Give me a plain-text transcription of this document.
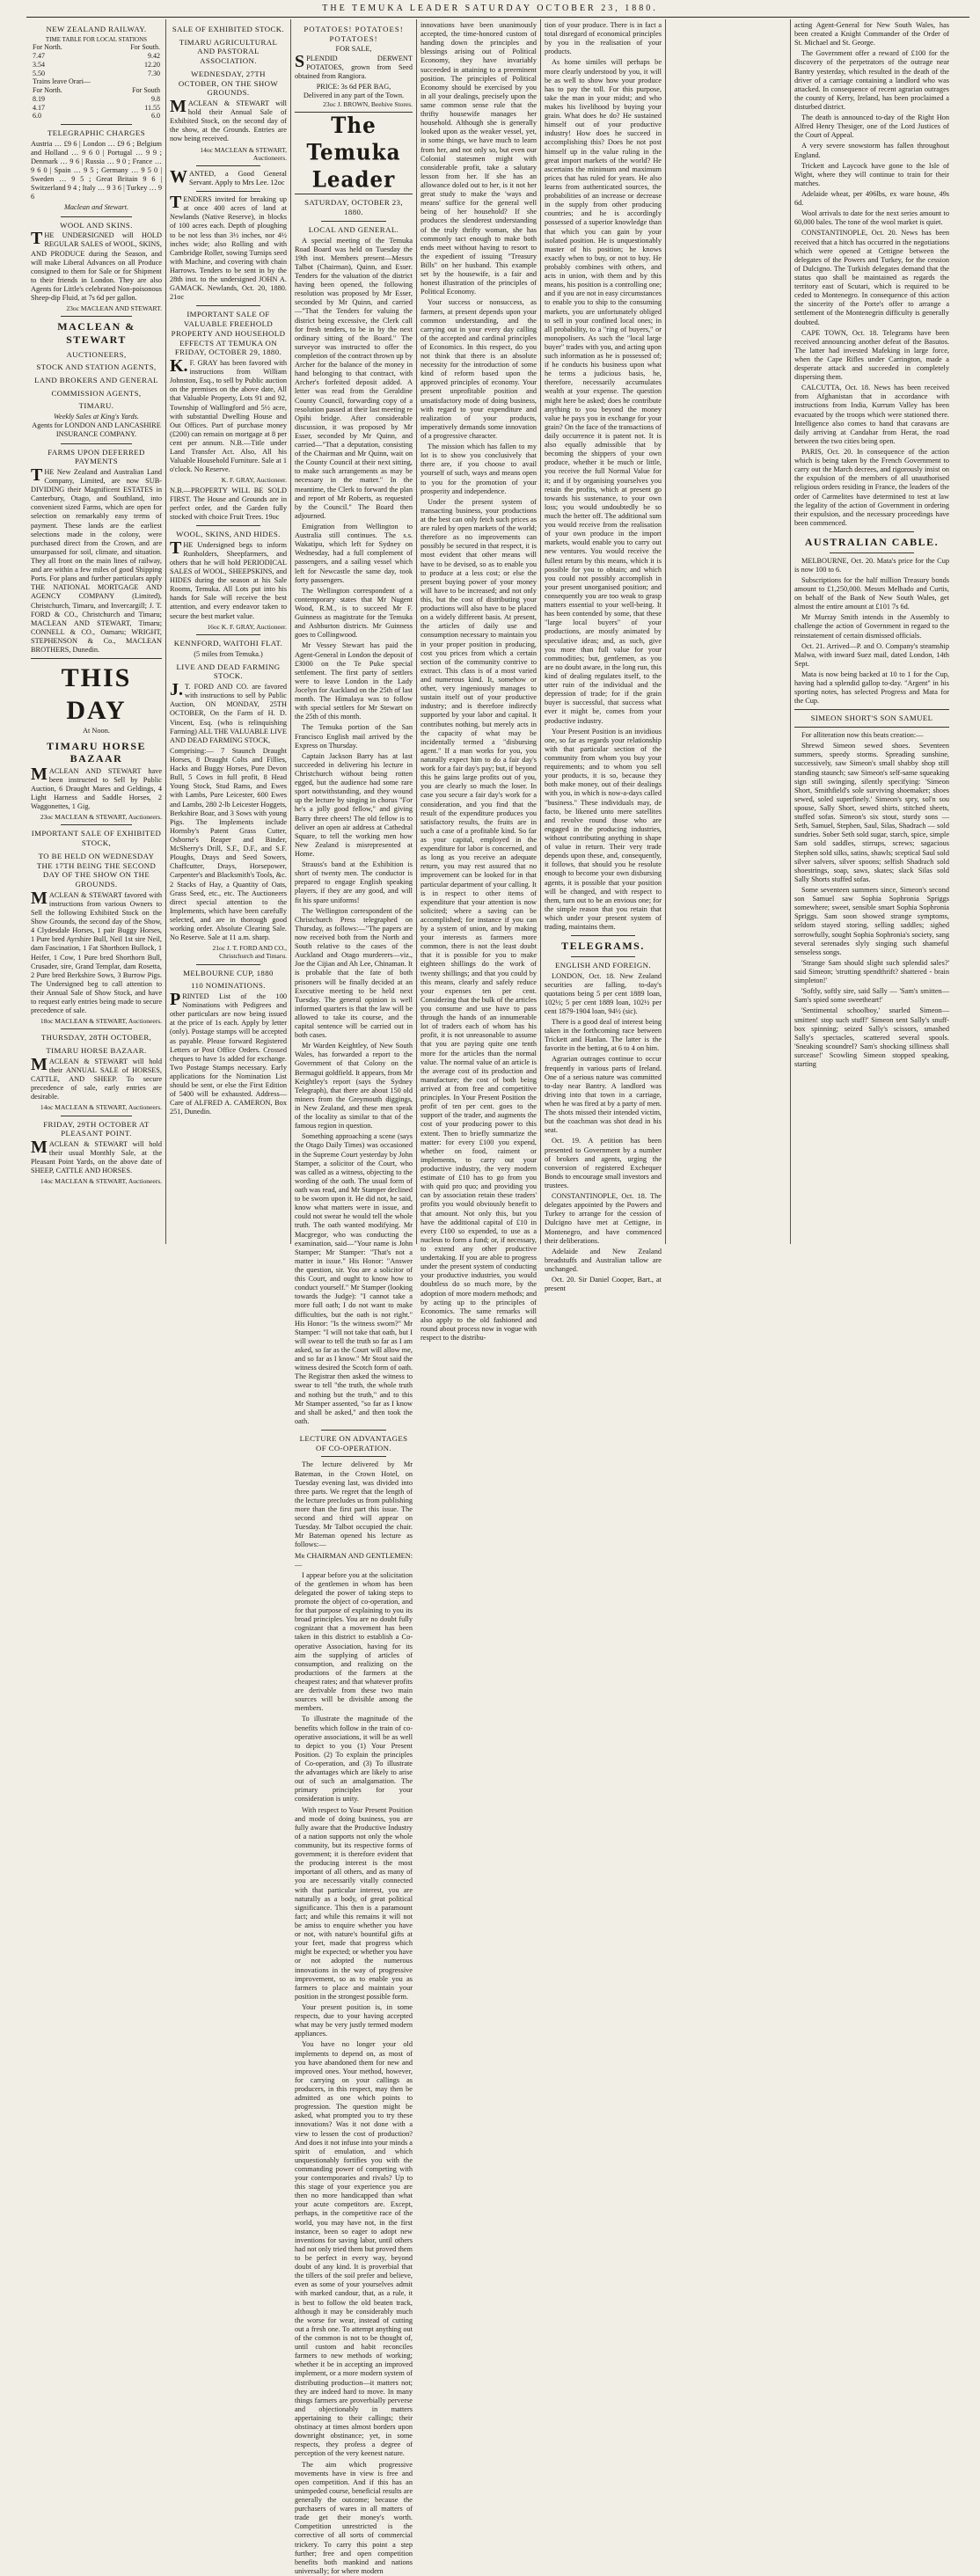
THE TEMUKA LEADER SATURDAY OCTOBER 23, 1880.
NEW ZEALAND RAILWAY.
TIME TABLE FOR LOCAL STATIONS
For North.	For South.
7.47	9.42
3.54	12.20
5.50	7.30
Trains leave Orari—	
For North.	For South
8.19	9.8
4.17	11.55
6.0	6.0
TELEGRAPHIC CHARGES

Austria … £9 6 | London … £9 6 ; Belgium and Holland … 9 6 0 | Portugal … 9 9 ; Denmark … 9 6 | Russia … 9 0 ; France … 9 6 0 | Spain … 9 5 ; Germany … 9 5 0 | Sweden … 9 5 ; Great Britain 9 6 | Switzerland 9 4 ; Italy … 9 3 6 | Turkey … 9 6

Maclean and Stewart.
WOOL AND SKINS.

THE UNDERSIGNED will HOLD REGULAR SALES of WOOL, SKINS, AND PRODUCE during the Season, and will make Liberal Advances on all Produce consigned to them for Sale or for Shipment to their friends in London. They are also Agents for Little's celebrated Non-poisonous Sheep-dip Fluid, at 7s 6d per gallon.

23oc MACLEAN AND STEWART.

MACLEAN & STEWART
AUCTIONEERS,
STOCK AND STATION AGENTS,
LAND BROKERS AND GENERAL
COMMISSION AGENTS,
TIMARU.
Weekly Sales at King's Yards.
Agents for LONDON AND LANCASHIRE INSURANCE COMPANY.
FARMS UPON DEFERRED PAYMENTS

THE New Zealand and Australian Land Company, Limited, are now SUB-DIVIDING their Magnificent ESTATES in Canterbury, Otago, and Southland, into convenient sized Farms, which are open for selection on remarkably easy terms of payment. These lands are the earliest selections made in the colony, were purchased direct from the Crown, and are unsurpassed for soil, climate, and situation. They all front on the main lines of railway, and are within a few miles of good Shipping Ports. For plans and further particulars apply THE NATIONAL MORTGAGE AND AGENCY COMPANY (Limited), Christchurch, Timaru, and Invercargill; J. T. FORD & CO., Christchurch and Timaru; MACLEAN AND STEWART, Timaru; CONNELL & CO., Oamaru; WRIGHT, STEPHENSON & Co., MACLEAN BROTHERS, Dunedin.

THIS DAY
At Noon.
TIMARU HORSE BAZAAR

MACLEAN AND STEWART have been instructed to Sell by Public Auction, 6 Draught Mares and Geldings, 4 Light Harness and Saddle Horses, 2 Waggonettes, 1 Gig.

23oc MACLEAN & STEWART, Auctioneers.

IMPORTANT SALE OF EXHIBITED STOCK,
TO BE HELD ON WEDNESDAY THE 17TH BEING THE SECOND DAY OF THE SHOW ON THE GROUNDS.

MACLEAN & STEWART favored with instructions from various Owners to Sell the following Exhibited Stock on the Show Grounds, the second day of the Show, 4 Clydesdale Horses, 1 pair Buggy Horses, 1 Pure bred Ayrshire Bull, Neil 1st sire Neil, dam Fascination, 1 Fat Shorthorn Bullock, 1 Heifer, 1 Cow, 1 Pure bred Shorthorn Bull, Crusader, sire, Grand Templar, dam Rosetta, 2 Pure bred Berkshire Sows, 3 Burrow Pigs. The Undersigned beg to call attention to their Annual Sale of Show Stock, and have to request early entries being made to secure precedence of sale.

18oc MACLEAN & STEWART, Auctioneers.

THURSDAY, 28TH OCTOBER,
TIMARU HORSE BAZAAR.

MACLEAN & STEWART will hold their ANNUAL SALE of HORSES, CATTLE, AND SHEEP. To secure precedence of sale, early entries are desirable.

14oc MACLEAN & STEWART, Auctioneers.

FRIDAY, 29TH OCTOBER AT PLEASANT POINT.

MACLEAN & STEWART will hold their usual Monthly Sale, at the Pleasant Point Yards, on the above date of SHEEP, CATTLE AND HORSES.

14oc MACLEAN & STEWART, Auctioneers.

SALE OF EXHIBITED STOCK.
TIMARU AGRICULTURAL AND PASTORAL ASSOCIATION.
WEDNESDAY, 27TH OCTOBER, ON THE SHOW GROUNDS.

MACLEAN & STEWART will hold their Annual Sale of Exhibited Stock, on the second day of the show, at the Grounds. Entries are now being received.

14oc MACLEAN & STEWART, Auctioneers.

WANTED, a Good General Servant. Apply to Mrs Lee. 12oc

TENDERS invited for breaking up at once 400 acres of land at Newlands (Native Reserve), in blocks of 100 acres each. Depth of ploughing to be not less than 3½ inches, nor 4½ inches wide; also Rolling and with Cambridge Roller, sowing Turnips seed with Machine, and covering with chain Harrows. Tenders to be sent in by the 28th inst. to the undersigned JOHN A. GAMACK. Newlands, Oct. 20, 1880. 21oc

IMPORTANT SALE OF VALUABLE FREEHOLD PROPERTY AND HOUSEHOLD EFFECTS AT TEMUKA ON FRIDAY, OCTOBER 29, 1880.

K.F. GRAY has been favored with instructions from William Johnston, Esq., to sell by Public auction on the premises on the above date, All that Valuable Property, Lots 91 and 92, Township of Wallingford and 5½ acre, with substantial Dwelling House and Out Offices. Part of purchase money (£200) can remain on mortgage at 8 per cent per annum. N.B.—Title under Land Transfer Act. Also, All his Valuable Household Furniture. Sale at 1 o'clock. No Reserve.

K. F. GRAY, Auctioneer.

N.B.—PROPERTY WILL BE SOLD FIRST. The House and Grounds are in perfect order, and the Garden fully stocked with choice Fruit Trees. 19oc

WOOL, SKINS, AND HIDES.

THE Undersigned begs to inform Runholders, Sheepfarmers, and others that he will hold PERIODICAL SALES of WOOL, SHEEPSKINS, and HIDES during the season at his Sale Rooms, Temuka. All Lots put into his hands for Sale will receive the best attention, and every endeavor taken to secure the best market value.

16oc K. F. GRAY, Auctioneer.

KENNFORD, WAITOHI FLAT.
(5 miles from Temuka.)
LIVE AND DEAD FARMING STOCK.

J.T. FORD AND CO. are favored with instructions to sell by Public Auction, ON MONDAY, 25TH OCTOBER, On the Farm of H. D. Vincent, Esq. (who is relinquishing Farming) ALL THE VALUABLE LIVE AND DEAD FARMING STOCK,

Comprising:— 7 Staunch Draught Horses, 8 Draught Colts and Fillies, Hacks and Buggy Horses, Pure Devon Bull, 5 Cows in full profit, 8 Head Young Stock, Stud Rams, and Ewes with Lambs, Pure Leicester, 600 Ewes and Lambs, 280 2-lb Leicester Hoggets, Berkshire Boar, and 3 Sows with young Pigs. The Implements include Hornsby's Patent Grass Cutter, Osborne's Reaper and Binder, McSherry's Drill, S.F., D.F., and S.F. Ploughs, Drays and Seed Sowers, Chaffcutter, Drays, Horsepower, Carpenter's and Blacksmith's Tools, &c. 2 Stacks of Hay, a Quantity of Oats, Grass Seed, etc., etc. The Auctioneers direct special attention to the Implements, which have been carefully selected, and are in thorough good working order. Absolute Clearing Sale. No Reserve. Sale at 11 a.m. sharp.

21oc J. T. FORD AND CO., Christchurch and Timaru.

MELBOURNE CUP, 1880
110 NOMINATIONS.

PRINTED List of the 100 Nominations with Pedigrees and other particulars are now being issued at the price of 1s each. Apply by letter (only). Postage stamps will be accepted as payable. Please forward Registered Letters or Post Office Orders. Crossed cheques to have 1s added for exchange. Two Postage Stamps necessary. Early applications for the Nomination List should be sent, or else the First Edition of 5400 will be exhausted. Address— Care of ALFRED A. CAMERON, Box 251, Dunedin.

POTATOES! POTATOES! POTATOES!
FOR SALE,

SPLENDID DERWENT POTATOES, grown from Seed obtained from Rangiora.

PRICE: 3s 6d PER BAG,
Delivered in any part of the Town.

23oc J. BROWN, Beehive Stores.

The Temuka Leader
SATURDAY, OCTOBER 23, 1880.
LOCAL AND GENERAL.

A special meeting of the Temuka Road Board was held on Tuesday the 19th inst. Members present—Messrs Talbot (Chairman), Quinn, and Esser. Tenders for the valuation of the district having been opened, the following resolution was proposed by Mr Esser, seconded by Mr Quinn, and carried—"That the Tenders for valuing the district being excessive, the Clerk call for fresh tenders, to be in by the next ordinary sitting of the Board." The surveyor was instructed to offer the completion of the contract thrown up by Archer for the balance of the money in hand belonging to that contract, with Archer's forfeited deposit added. A letter was read from the Geraldine County Council, forwarding copy of a resolution passed at their last meeting re Opihi bridge. After considerable discussion, it was proposed by Mr Esser, seconded by Mr Quinn, and carried—"That a deputation, consisting of the Chairman and Mr Quinn, wait on the County Council at their next sitting, to make such arrangements as may be necessary in the matter." In the meantime, the Clerk to forward the plan and report of Mr Roberts, as requested by the Council." The Board then adjourned.

Emigration from Wellington to Australia still continues. The s.s. Wakatipu, which left for Sydney on Wednesday, had a full complement of passengers, and a sailing vessel which left for Newcastle the same day, took forty passengers.

The Wellington correspondent of a contemporary states that Mr Nugent Wood, R.M., is to succeed Mr F. Guinness as magistrate for the Temuka and Ashburton districts. Mr Guinness goes to Collingwood.

Mr Vessey Stewart has paid the Agent-General in London the deposit of £3000 on the Te Puke special settlement. The first party of settlers were to leave London in the Lady Jocelyn for Auckland on the 25th of last month. The Himalaya was to follow with special settlers for Mr Stewart on the 25th of this month.

The Temuka portion of the San Francisco English mail arrived by the Express on Thursday.

Captain Jackson Barry has at last succeeded in delivering his lecture in Christchurch without being rotten egged, but the audience had some rare sport notwithstanding, and they wound up the lecture by singing in chorus "For he's a jolly good fellow," and giving Barry three cheers! The old fellow is to deliver an open air address at Cathedral Square, to tell the working men how New Zealand is misrepresented at Home.

Strauss's band at the Exhibition is short of twenty men. The conductor is prepared to engage English speaking players, if they are any good, and will fit his spare uniforms!

The Wellington correspondent of the Christchurch Press telegraphed on Thursday, as follows:—"The papers are now received both from the North and South relative to the cases of the Auckland and Otago murderers—viz., Joe the Cijian and Ah Lee, Chinaman. It is probable that the fate of both prisoners will be finally decided at an Executive meeting to be held next Tuesday. The general opinion is well informed quarters is that the law will be allowed to take its course, and the capital sentence will be carried out in both cases.

Mr Warden Keightley, of New South Wales, has forwarded a report to the Government of that Colony on the Bermagui goldfield. It appears, from Mr Keightley's report (says the Sydney Telegraph), that there are about 150 old miners from the Greymouth diggings, in New Zealand, and these men speak of the locality as similar to that of the famous region in question.

Something approaching a scene (says the Otago Daily Times) was occasioned in the Supreme Court yesterday by John Stamper, a solicitor of the Court, who was called as a witness, objecting to the wording of the oath. The usual form of oath was read, and Mr Stamper declined to be sworn upon it. He did not, he said, know what matters were in issue, and could not swear he would tell the whole truth. The oath wanted modifying. Mr Macgregor, who was conducting the examination, said—"Your name is John Stamper; Mr Stamper: "That's not a matter in issue." His Honor: "Answer the question, sir. You are a solicitor of this Court, and ought to know how to conduct yourself." Mr Stamper (looking towards the Judge): "I cannot take a more full oath; I do not want to make difficulties, but the oath is not right." His Honor: "Is the witness sworn?" Mr Stamper: "I will not take that oath, but I will swear to tell the truth so far as I am asked, so far as the Court will allow me, and so far as I know." Mr Stout said the witness desired the Scotch form of oath. The Registrar then asked the witness to swear to tell "the truth, the whole truth and nothing but the truth," and to this Mr Stamper assented, "so far as I know and shall be asked," and then took the oath.

LECTURE ON ADVANTAGES OF CO-OPERATION.

The lecture delivered by Mr Bateman, in the Crown Hotel, on Tuesday evening last, was divided into three parts. We regret that the length of the lecture precludes us from publishing more than the first part this issue. The second and third will appear on Tuesday. Mr Talbot occupied the chair. Mr Bateman opened his lecture as follows:—

Mr CHAIRMAN AND GENTLEMEN:—

I appear before you at the solicitation of the gentlemen in whom has been delegated the power of taking steps to promote the object of co-operation, and for that purpose of explaining to you its broad principles. You are no doubt fully cognizant that a movement has been taken in this district to establish a Co-operative Association, having for its aim the supplying of articles of consumption, and realizing on the productions of the farmers at the cheapest rates; and that whatever profits are derivable from these two main sources will be divisible among the members.

To illustrate the magnitude of the benefits which follow in the train of co-operative associations, it will be as well to depict to you (1) Your Present Position. (2) To explain the principles of Co-operation, and (3) To illustrate the advantages which are likely to arise out of such an amalgamation. The primary principles for your consideration is unity.

With respect to Your Present Position and mode of doing business, you are fully aware that the Productive Industry of a nation supports not only the whole community, but its respective forms of government; it is therefore evident that the producing interest is the most important of all others, and as many of you are necessarily vitally connected with that particular interest, you are naturally as a body, of great political significance. This then is a paramount fact; and while this remains it will not be amiss to enquire whether you have or not, with nature's bountiful gifts at your feet, made that progress which might be expected; or whether you have or not adopted the numerous innovations in the way of progressive improvement, so as to enable you as farmers to place and maintain your position in the strongest possible form.

Your present position is, in some respects, due to your having accepted what may be very justly termed modern appliances.

You have no longer your old implements to depend on, as most of you have abandoned them for new and improved ones. Your method, however, for carrying on your callings as producers, in this respect, may then be admitted as one which points to progression. The question might be asked, what prompted you to try these innovations? Was it not done with a view to lessen the cost of production? And does it not infuse into your minds a spirit of emulation, and which unquestionably fortifies you with the commanding power of competing with your contemporaries and rivals? Up to this stage of your experience you are then no more handicapped than what your acute competitors are. Except, perhaps, in the competitive race of the world, you may have not, in the first instance, been so eager to adopt new inventions for saving labor, until others had not only tried them but proved them to be perfect in every way, beyond doubt of any kind. It is proverbial that the tillers of the soil prefer and believe, even as some of your yourselves admit with marked candour, that, as a rule, it is best to follow the old beaten track, although it may be considerably much the worse for wear, instead of cutting out a fresh one. To attempt anything out of the common is not to be thought of, until custom and habit reconciles farmers to new methods of working; whether it be in accepting an improved implement, or a more modern system of distributing production—it matters not; they are indeed hard to move. In many things farmers are proverbially perverse and objectionably in matters appertaining to their callings; their obstinacy at times almost borders upon downright obstinance; yet, in some respects, they profess a degree of perception of the very keenest nature.

The aim which progressive movements have in view is free and open competition. And if this has an unimpeded course, beneficial results are generally the outcome; because the purchasers of wares in all matters of trade get their money's worth. Competition unrestricted is the corrective of all sorts of commercial trickery. To carry this point a step further; free and open competition benefits both mankind and nations universally; for where modern

innovations have been unanimously accepted, the time-honored custom of handing down the principles and blessings arising out of Political Economy, they have invariably succeeded in attaining to a preeminent position. The principles of Political Economy should be exercised by you in all your dealings, precisely upon the same common sense rule that the thrifty housewife manages her household. Although she is generally looked upon as the weaker vessel, yet, in some things, we have much to learn from her, and not only so, but even our Colonial statesmen might with considerable profit, take a salutary lesson from her. If she has an allowance doled out to her, is it not her great study to make the 'ways and means' suffice for the general well being of her household? If she produces the slenderest understanding of the truly thrifty woman, she has commonly tact enough to make both ends meet without having to resort to the expedient of issuing "Treasury Bills" on her husband. This example set by the housewife, is a fair and honest illustration of the principles of Political Economy.

Your success or nonsuccess, as farmers, at present depends upon your common understanding, and the carrying out in your every day calling of the accepted and cardinal principles of Economics. In this respect, do you not think that there is an absolute necessity for the introduction of some kind of reform based upon the approved principles of economy. Your present unprofitable position and unsatisfactory mode of doing business, with regard to your expenditure and realization of your products, imperatively demands some innovation of a progressive character.

The mission which has fallen to my lot is to show you conclusively that there are, if you choose to avail yourself of such, ways and means open to you for the promotion of your prosperity and independence.

Under the present system of transacting business, your productions at the best can only fetch such prices as are ruled by open markets of the world; therefore as no improvements can possibly be secured in that respect, it is most evident that other means will have to be devised, so as to enable you to produce at a less cost; or else the present buying power of your money will have to be increased; and not only this, but the cost of distributing your productions will also have to be placed on a widely different basis. At present, the articles of daily use and consumption necessary to maintain you in your proper position in producing, cost you prices from which a certain section of the community contrive to extract. This class is of a most varied and numerous kind. It, somehow or other, very ingeniously manages to sustain itself out of your productive industry; and is therefore indirectly supported by your labor and capital. It contributes nothing, but merely acts in the capacity of what may be incidentally termed a "disbursing agent." If a man works for you, you naturally expect him to do a fair day's work for a fair day's pay; but, if beyond this he gains large profits out of you, you are clearly so much the loser. In case you secure a fair day's work for a consideration, and you find that the result of the expenditure produces you satisfactory results, the fruits are in such a case of a profitable kind. So far as your capital, employed in the expenditure for labor is concerned, and as long as you receive an adequate return, you may rest assured that no improvement can be looked for in that particular department of your calling. It is in respect to other items of expenditure that your attention is now solicited; where a saving can be accomplished; for instance if you can by a system of union, and by making your interests as farmers more common, there is not the least doubt that it is possible for you to make eighteen shillings do the work of twenty shillings; and that you could by this means, clearly and safely reduce your expenses ten per cent. Considering that the bulk of the articles you consume and use have to pass through the hands of an innumerable lot of traders each of whom has his profit, it is not unreasonable to assume that you are paying quite one tenth more for the articles than the normal value. The normal value of an article is the average cost of its production and manufacture; the cost of both being arrived at from free and competitive principles. In Your Present Position the profit of ten per cent. goes to the support of the trader, and augments the cost of your producing power to this extent. Then to briefly summarize the matter: for every £100 you expend, whether on food, raiment or implements, to carry out your productive industry, the very modern estimate of £10 has to go from you with quid pro quo; and providing you can by association retain these traders' profits you would obviously benefit to that amount. Not only this, but you have the additional capital of £10 in every £100 so expended, to use as a nucleus to form a fund; or, if necessary, to extend any other productive undertaking. If you are able to progress under the present system of conducting your productive industries, you would doubtless do so much more, by the adoption of more modern methods; and by acting up to the principles of Economics. The same remarks will also apply to the old fashioned and round about process now in vogue with respect to the distribu-

tion of your produce. There is in fact a total disregard of economical principles by you in the realisation of your products.

As home similes will perhaps be more clearly understood by you, it will be as well to show how your produce has to pay the toll. For this purpose, take the man in your midst; and who makes his livelihood by buying your grain. What does he do? He sustained himself out of your productive industry! How does he succeed in accomplishing this? Does he not post himself up in the value ruling in the great import markets of the world? He ascertains the minimum and maximum prices that has ruled for years. He also learns from authenticated sources, the probabilities of an increase or decrease in the supply from other producing countries; and he is accordingly possessed of a superior knowledge than that which you can gain by your isolated position. He is unquestionably master of his position; he knows exactly when to buy, or not to buy. He probably combines with others, and acts in union, with them and by this means, his position is a controlling one; and if you are not in easy circumstances to enable you to ship to the consuming markets, you are unfortunately obliged to sell in your confined local ones; in all probability, to a "ring of buyers," or monopolisers. As such the "local large buyer" trades with you, and acting upon such information as he is possessed of; if he conducts his business upon what he terms a judicious basis, he, therefore, necessarily accumulates wealth at your expense. The question might here be asked; does he contribute anything to you beyond the money value he pays you in exchange for your grain? On the face of the transactions of daily occurrence it is patent not. It is also equally admissible that by becoming the shippers of your own produce, whether it be much or little, you receive the full Normal Value for it; and if by organising yourselves you retain the profits, which at present go towards his sustenance, to your own loss; you would undoubtedly be so much the better off. The additional sum you would receive from the realisation of your own produce in the import markets, would enable you to carry out new ventures. You would receive the fullest return by this means, which it is possible for you to obtain; and which you could not possibly accomplish in your present unorganised position; and consequently you are too weak to grasp matters essential to your well-being. It has been contended by some, that these "large local buyers" of your productions, are mostly animated by speculative ideas; and, as such, give you more than full value for your commodities; but, gentlemen, as you are no doubt aware, in the long run, this kind of dealing regulates itself, to the utter ruin of the individual and the depression of trade; for if the grain buyer is successful, that success what ever it might be, comes from your productive industry.

Your Present Position is an invidious one, so far as regards your relationship with that particular section of the community from whom you buy your requirements; and to whom you sell your products, it is so, because they both make money, out of their dealings with you, in which is now-a-days called "business." These individuals may, de facto, be likened unto mere satellites and revolve round those who are engaged in the producing industries, without contributing anything in shape of value in return. Their very trade depends upon these, and, consequently, it follows, that should you be resolute enough to become your own disbursing agents, it is possible that your position will be changed, and with respect to them, turn out to be an envious one; for the simple reason that you retain that which under your present system of trading, maintains them.

TELEGRAMS.
ENGLISH AND FOREIGN.

LONDON, Oct. 18. New Zealand securities are falling, to-day's quotations being 5 per cent 1889 loan, 102½; 5 per cent 1889 loan, 102½ per cent 1879-1904 loan, 94½ (sic).

There is a good deal of interest being taken in the forthcoming race between Trickett and Hanlan. The latter is the favorite in the betting, at 6 to 4 on him.

Agrarian outrages continue to occur frequently in various parts of Ireland. One of a serious nature was committed to-day near Bantry. A landlord was driving into that town in a carriage, when he was fired at by a party of men. The shots missed their intended victim, but the coachman was shot dead in his seat.

Oct. 19. A petition has been presented to Government by a number of brokers and agents, urging the conversion of registered Exchequer Bonds to encourage small investors and trustees.

CONSTANTINOPLE, Oct. 18. The delegates appointed by the Powers and Turkey to arrange for the cession of Dulcigno have met at Cettigne, in Montenegro, and have commenced their deliberations.

Adelaide and New Zealand breadstuffs and Australian tallow are unchanged.

Oct. 20. Sir Daniel Cooper, Bart., at present

acting Agent-General for New South Wales, has been created a Knight Commander of the Order of St. Michael and St. George.

The Government offer a reward of £100 for the discovery of the perpetrators of the outrage near Bantry yesterday, which resulted in the death of the driver of a carriage containing a landlord who was attacked. In consequence of recent agrarian outrages the county of Kerry, Ireland, has been proclaimed a disturbed district.

The death is announced to-day of the Right Hon Alfred Henry Thesiger, one of the Lord Justices of the Court of Appeal.

A very severe snowstorm has fallen throughout England.

Trickett and Laycock have gone to the Isle of Wight, where they will continue to train for their matches.

Adelaide wheat, per 496lbs, ex ware house, 49s 6d.

Wool arrivals to date for the next series amount to 60,000 bales. The tone of the wool market is quiet.

CONSTANTINOPLE, Oct. 20. News has been received that a hitch has occurred in the negotiations which were opened at Cettigne between the delegates of the Powers and Turkey, for the cession of Dulcigno. The Turkish delegates demand that the status quo shall be maintained as regards the territory east of Scutari, which is required to be ceded to Montenegro. In consequence of this action the sincerity of the Porte's offer to arrange a settlement of the Montenegrin difficulty is generally doubted.

CAPE TOWN, Oct. 18. Telegrams have been received announcing another defeat of the Basutos. The latter had invested Mafeking in large force, when the Cape Rifles under Carrington, made a desperate attack and succeeded in completely dispersing them.

CALCUTTA, Oct. 18. News has been received from Afghanistan that in accordance with instructions from India, Kurrum Valley has been evacuated by the troops which were stationed there. Intelligence also comes to hand that caravans are daily arriving at Candahar from Herat, the road between the two cities being open.

PARIS, Oct. 20. In consequence of the action which is being taken by the French Government to carry out the March decrees, and rigorously insist on the expulsion of the members of all unauthorised religious orders residing in France, the leaders of the order of Carmelites have determined to test at law the legality of the action of Government in ordering their expulsion, and the necessary proceedings have been commenced.

AUSTRALIAN CABLE.

MELBOURNE, Oct. 20. Mata's price for the Cup is now 100 to 6.

Subscriptions for the half million Treasury bonds amount to £1,250,000. Messrs Melhado and Curtis, on behalf of the Bank of New South Wales, get almost the entire amount at £101 7s 6d.

Mr Murray Smith intends in the Assembly to challenge the action of Government in regard to the reinstatement of certain dismissed officials.

Oct. 21. Arrived—P. and O. Company's steamship Malwa, with inward Suez mail, dated London, 14th Sept.

Mata is now being backed at 10 to 1 for the Cup, having had a splendid gallop to-day. "Argent" in his sporting notes, has selected Progress and Mata for the Cup.

SIMEON SHORT'S SON SAMUEL

For alliteration now this beats creation:—

Shrewd Simeon sewed shoes. Seventeen summers, speedy storms. Spreading sunshine, successively, saw Simeon's small shabby shop still standing staunch; saw Simeon's self-same squeaking sign still swinging, silently specifying: 'Simeon Short, Smithfield's sole surviving shoemaker; shoes sewed, soled superfinely.' Simeon's spry, sol'n sou spouse, Sally Short, sewed shirts, stitched sheets, stuffed sofas. Simeon's six stout, sturdy sons — Seth, Samuel, Stephen, Saul, Silas, Shadrach — sold sundries. Sober Seth sold sugar, starch, spice, simple Sam sold saddles, stirrups, screws; sagacious Stephen sold silks, satins, shawls; sceptical Saul sold silver salvers, silver spoons; selfish Shadrach sold shoestrings, soap, saws, skates; slack Silas sold Sally Shorts stuffed sofas.

Some seventeen summers since, Simeon's second son Samuel saw Sophia Sophronia Spriggs somewhere; sweet, sensible smart Sophia Sophronia Spriggs. Sam soon showed strange symptoms, seldom stayed storing, selling saddles; sighed sorrowfully, sought Sophia Sophronia's society, sang several serenades slyly singing such shameful senseless songs.

'Strange Sam should slight such splendid sales?' said Simeon; 'strutting spendthrift? shattered - brain simpleton!'

'Softly, softly sire, said Sally — 'Sam's smitten—Sam's spied some sweetheart!'

'Sentimental schoolboy,' snarled Simeon—smitten! stop such stuff!' Simeon sent Sally's snuff-box spinning; seized Sally's scissors, smashed Sally's spectacles, scattered several spools. 'Sneaking scoundrel? Sam's shocking silliness shall surcease!' Scowling Simeon stopped speaking, starting
